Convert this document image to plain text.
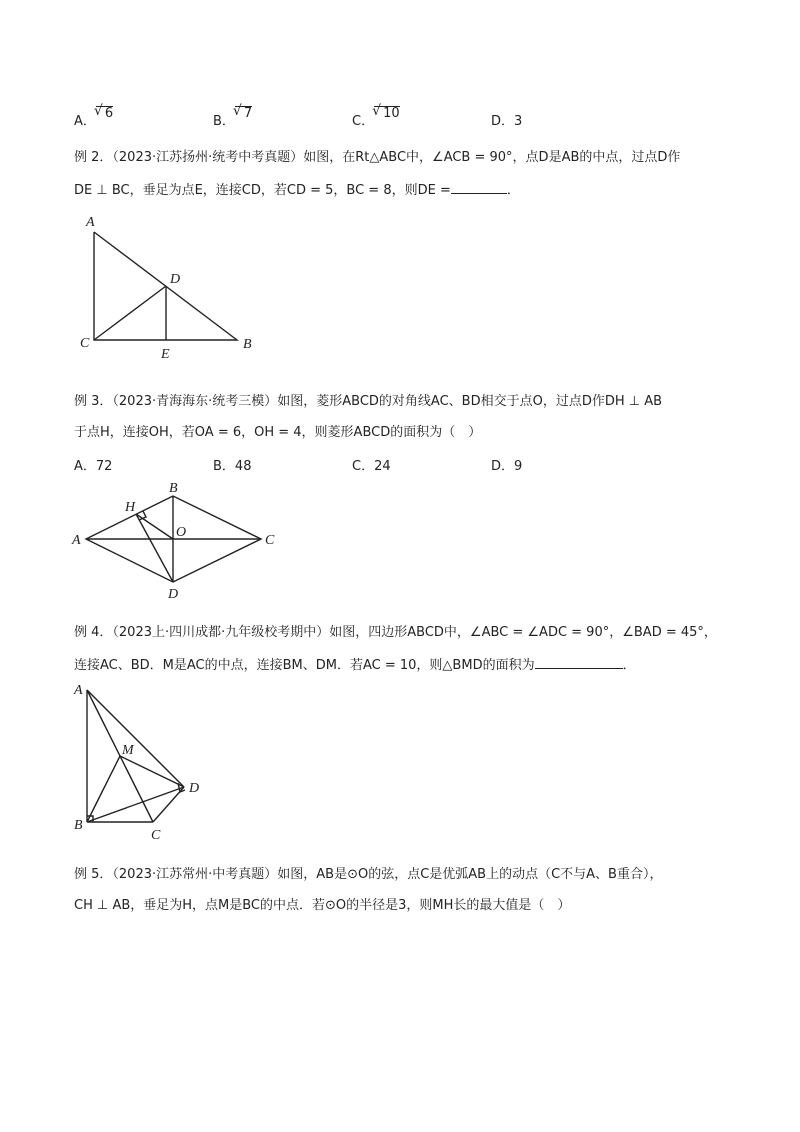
A．√ 6
B．√ 7
C．√ 10
D．3
例 2．（2023·江苏扬州·统考中考真题）如图，在Rt△ABC中，∠ACB = 90°，点D是AB的中点，过点D作
DE ⊥ BC，垂足为点E，连接CD，若CD = 5，BC = 8，则DE =	．
A
D
C
E
B
例 3．（2023·青海海东·统考三模）如图，菱形ABCD的对角线AC、BD相交于点O，过点D作DH ⊥ AB
于点H，连接OH，若OA = 6，OH = 4，则菱形ABCD的面积为（　）
A．72	B．48	C．24	D．9
B
H
A
O
C
D
例 4．（2023上·四川成都·九年级校考期中）如图，四边形ABCD中，∠ABC = ∠ADC = 90°，∠BAD = 45°，
连接AC、BD．M是AC的中点，连接BM、DM．若AC = 10，则△BMD的面积为	．
A
M
D
B
C
例 5．（2023·江苏常州·中考真题）如图，AB是⊙O的弦，点C是优弧AB上的动点（C不与A、B重合），
CH ⊥ AB，垂足为H，点M是BC的中点．若⊙O的半径是3，则MH长的最大值是（　）
